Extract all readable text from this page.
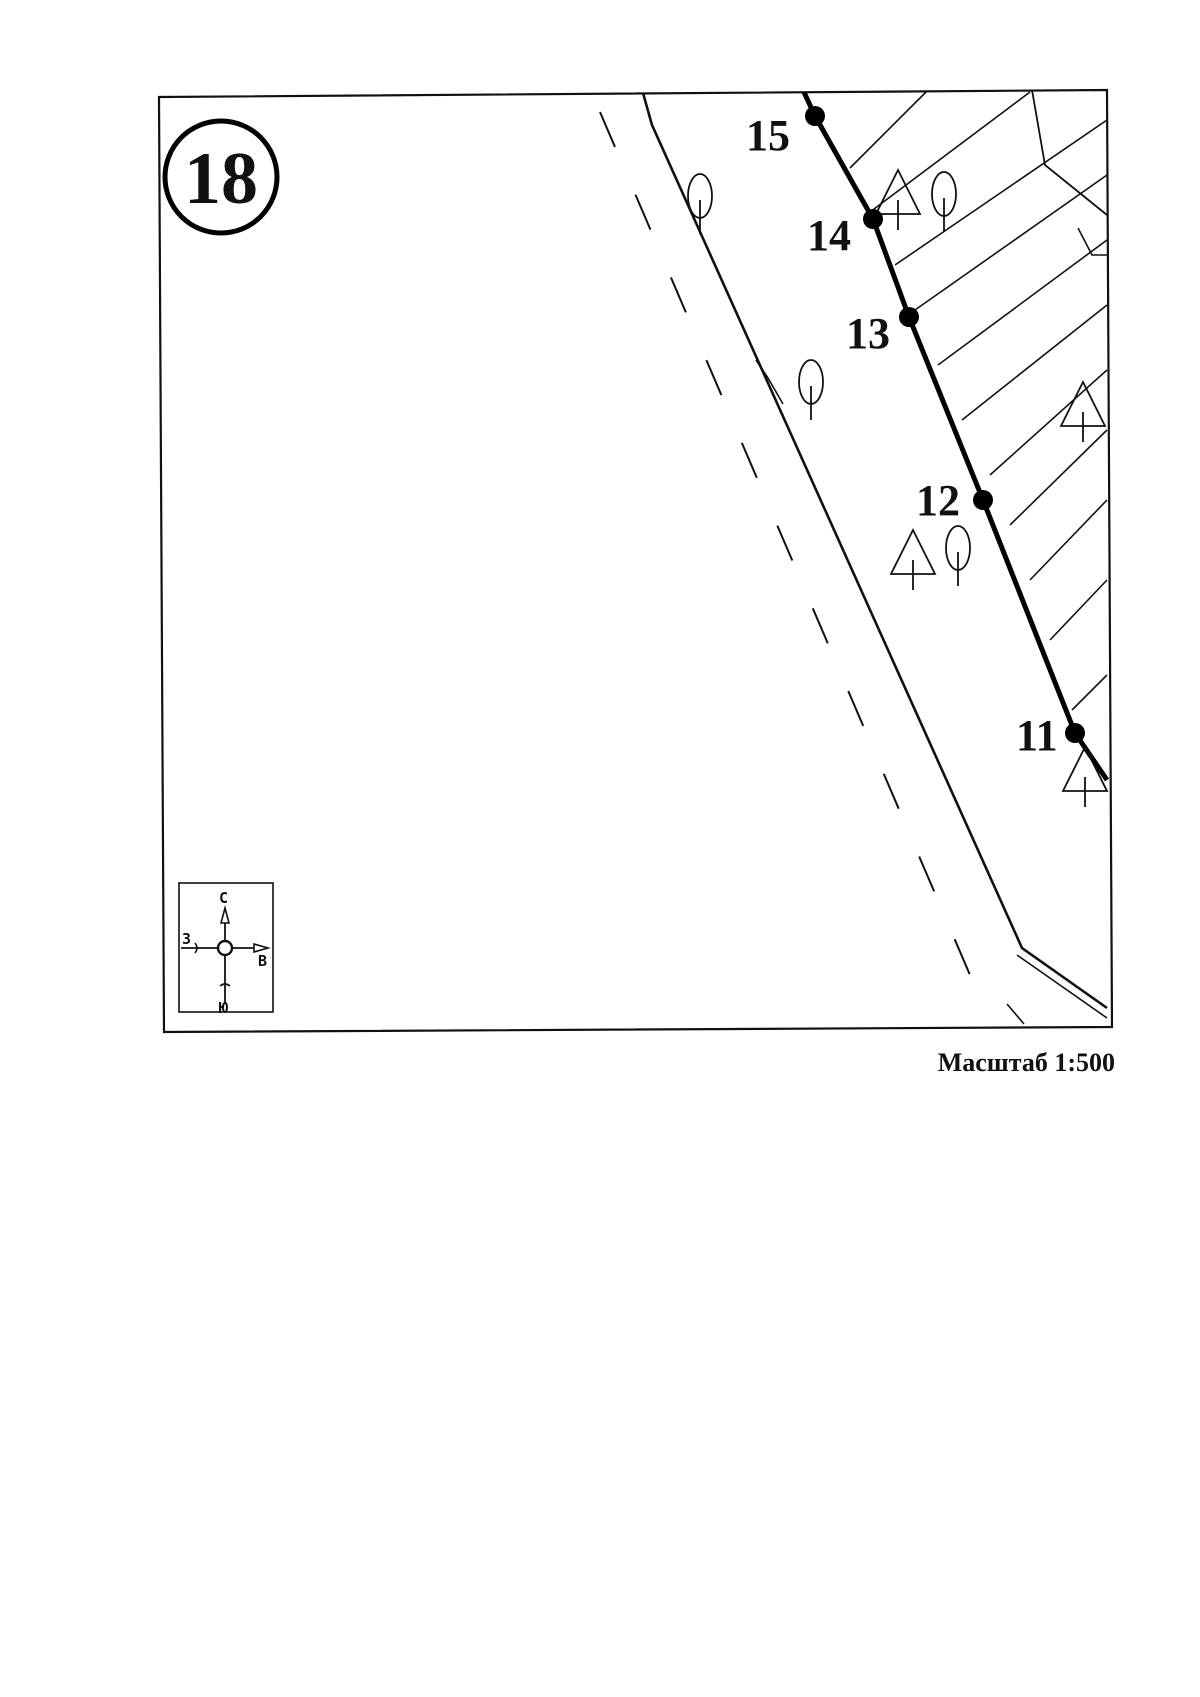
15
14
13
12
11
18
С
Ю
В
З
Масштаб 1:500
